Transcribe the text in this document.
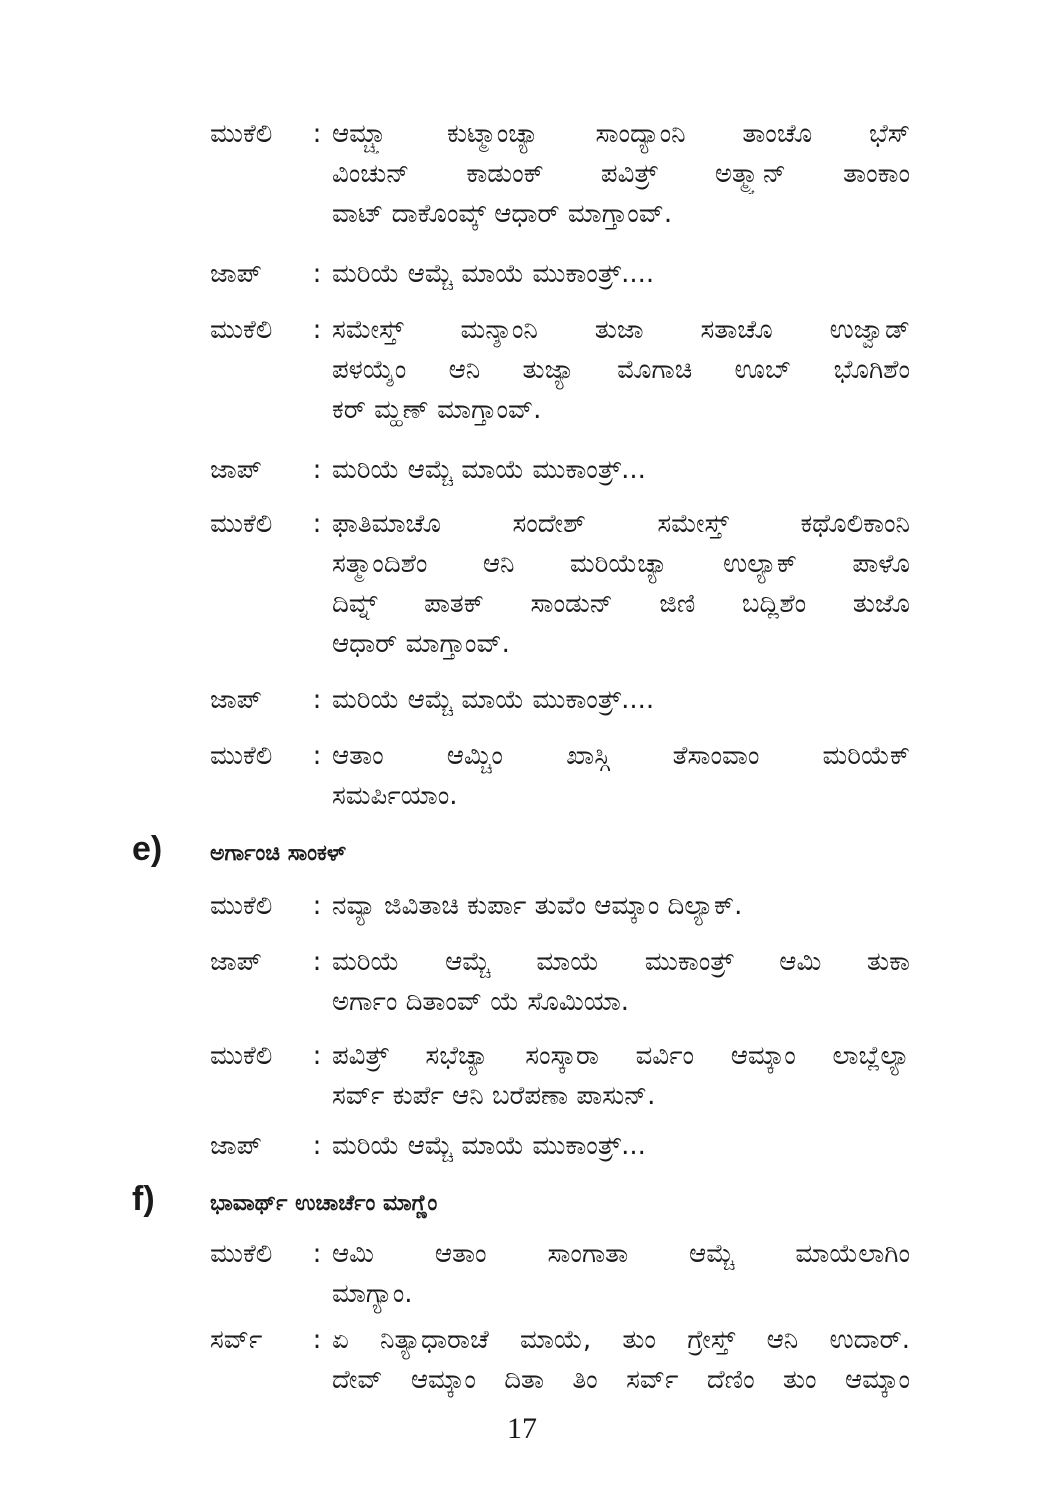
ಮುಕೆಲಿ	: ಆಮ್ಚ್ಯಾ ಕುಟ್ಮಾಂಚ್ಯಾ ಸಾಂದ್ಯಾಂನಿ ತಾಂಚೊ ಭೆಸ್
ವಿಂಚುನ್ ಕಾಡುಂಕ್ ಪವಿತ್ರ್ ಅತ್ಮ್ಯಾನ್ ತಾಂಕಾಂ
ವಾಟ್ ದಾಕೊಂವ್ಕ್ ಆಧಾರ್ ಮಾಗ್ತಾಂವ್.
ಜಾಪ್	: ಮರಿಯೆ ಆಮ್ಚೆ ಮಾಯೆ ಮುಕಾಂತ್ರ್....
ಮುಕೆಲಿ	: ಸಮೇಸ್ತ್ ಮನ್ಶಾಂನಿ ತುಜಾ ಸತಾಚೊ ಉಜ್ವಾಡ್
ಪಳಯ್ಶೆಂ ಆನಿ ತುಜ್ಯಾ ಮೊಗಾಚಿ ಊಬ್ ಭೊಗಿಶೆಂ
ಕರ್ ಮ್ಹಣ್ ಮಾಗ್ತಾಂವ್.
ಜಾಪ್	: ಮರಿಯೆ ಆಮ್ಚೆ ಮಾಯೆ ಮುಕಾಂತ್ರ್...
ಮುಕೆಲಿ	: ಫಾತಿಮಾಚೊ ಸಂದೇಶ್ ಸಮೇಸ್ತ್ ಕಥೊಲಿಕಾಂನಿ
ಸತ್ಮಾಂದಿಶೆಂ ಆನಿ ಮರಿಯೆಚ್ಯಾ ಉಲ್ಯಾಕ್ ಪಾಳೊ
ದಿವ್ನ್ ಪಾತಕ್ ಸಾಂಡುನ್ ಜಿಣಿ ಬದ್ಲಿಶೆಂ ತುಜೊ
ಆಧಾರ್ ಮಾಗ್ತಾಂವ್.
ಜಾಪ್	: ಮರಿಯೆ ಆಮ್ಚೆ ಮಾಯೆ ಮುಕಾಂತ್ರ್....
ಮುಕೆಲಿ	: ಆತಾಂ ಆಮ್ಚಿಂ ಖಾಸ್ಗಿ ತೆಸಾಂವಾಂ ಮರಿಯೆಕ್
ಸಮರ್ಪಿಯಾಂ.
e)	ಅರ್ಗಾಂಚಿ ಸಾಂಕಳ್
ಮುಕೆಲಿ	: ನವ್ಯಾ ಜಿವಿತಾಚಿ ಕುರ್ಪಾ ತುವೆಂ ಆಮ್ಕಾಂ ದಿಲ್ಯಾಕ್.
ಜಾಪ್	: ಮರಿಯೆ ಆಮ್ಚೆ ಮಾಯೆ ಮುಕಾಂತ್ರ್ ಆಮಿ ತುಕಾ
ಅರ್ಗಾಂ ದಿತಾಂವ್ ಯೆ ಸೊಮಿಯಾ.
ಮುಕೆಲಿ	: ಪವಿತ್ರ್ ಸಭೆಚ್ಯಾ ಸಂಸ್ಕಾರಾ ವರ್ವಿಂ ಆಮ್ಕಾಂ ಲಾಬ್ಲೆಲ್ಯಾ
ಸರ್ವ್ ಕುರ್ಪೆ ಆನಿ ಬರೆಪಣಾ ಪಾಸುನ್.
ಜಾಪ್	: ಮರಿಯೆ ಆಮ್ಚೆ ಮಾಯೆ ಮುಕಾಂತ್ರ್...
f)	ಭಾವಾರ್ಥ್ ಉಚಾರ್ಚೆಂ ಮಾಗ್ಣೆಂ
ಮುಕೆಲಿ	: ಆಮಿ ಆತಾಂ ಸಾಂಗಾತಾ ಆಮ್ಚೆ ಮಾಯೆಲಾಗಿಂ
ಮಾಗ್ಯಾಂ.
ಸರ್ವ್	: ಏ ನಿತ್ಯಾಧಾರಾಚೆ ಮಾಯೆ, ತುಂ ಗ್ರೇಸ್ತ್ ಆನಿ ಉದಾರ್.
ದೇವ್ ಆಮ್ಕಾಂ ದಿತಾ ತಿಂ ಸರ್ವ್ ದೆಣಿಂ ತುಂ ಆಮ್ಕಾಂ
17
